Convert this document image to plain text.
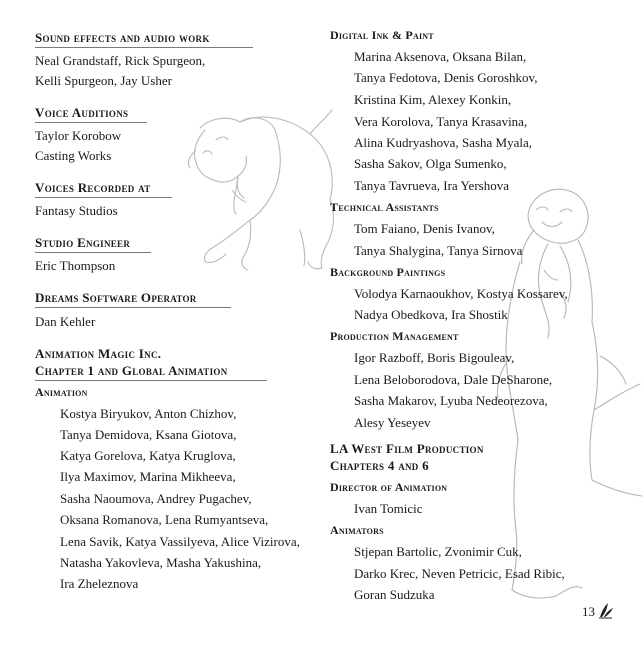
Sound effects and audio work

Neal Grandstaff, Rick Spurgeon,

Kelli Spurgeon, Jay Usher

Voice Auditions

Taylor Korobow

Casting Works

Voices Recorded at

Fantasy Studios

Studio Engineer

Eric Thompson

Dreams Software Operator

Dan Kehler

Animation Magic Inc.
Chapter 1 and Global Animation
Animation

Kostya Biryukov, Anton Chizhov,

Tanya Demidova, Ksana Giotova,

Katya Gorelova, Katya Kruglova,

Ilya Maximov, Marina Mikheeva,

Sasha Naoumova, Andrey Pugachev,

Oksana Romanova, Lena Rumyantseva,

Lena Savik, Katya Vassilyeva, Alice Vizirova,

Natasha Yakovleva, Masha Yakushina,

Ira Zheleznova

Digital Ink & Paint

Marina Aksenova, Oksana Bilan,

Tanya Fedotova, Denis Goroshkov,

Kristina Kim, Alexey Konkin,

Vera Korolova, Tanya Krasavina,

Alina Kudryashova, Sasha Myala,

Sasha Sakov, Olga Sumenko,

Tanya Tavrueva, Ira Yershova

Technical Assistants

Tom Faiano, Denis Ivanov,

Tanya Shalygina, Tanya Sirnova

Background Paintings

Volodya Karnaoukhov, Kostya Kossarev,

Nadya Obedkova, Ira Shostik

Production Management

Igor Razboff, Boris Bigouleav,

Lena Beloborodova, Dale DeSharone,

Sasha Makarov, Lyuba Nedeorezova,

Alesy Yeseyev

LA West Film Production
Chapters 4 and 6
Director of Animation

Ivan Tomicic

Animators

Stjepan Bartolic, Zvonimir Cuk,

Darko Krec, Neven Petricic, Esad Ribic,

Goran Sudzuka

13
